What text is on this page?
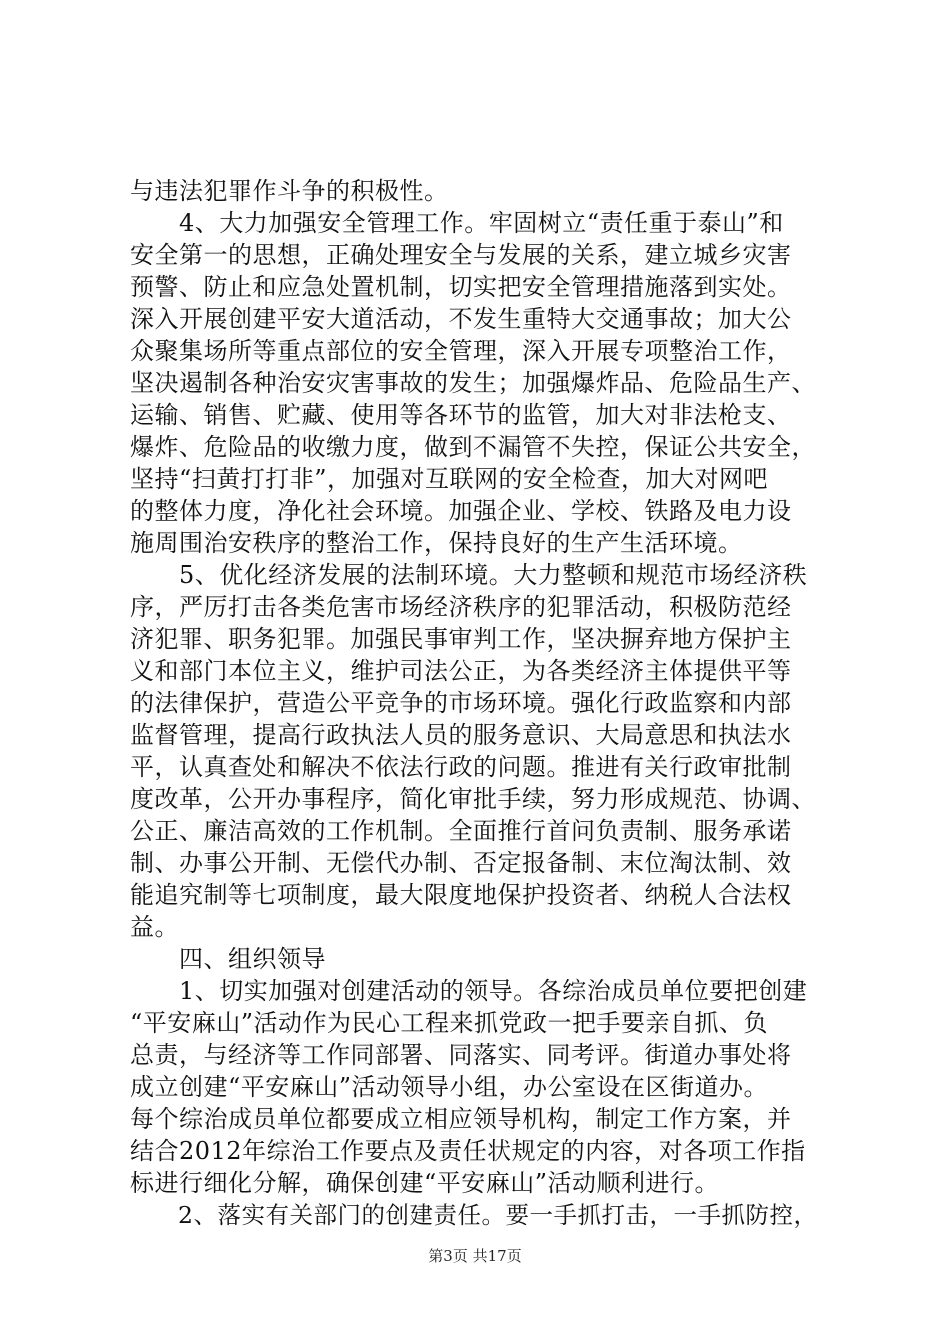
与违法犯罪作斗争的积极性。
　　4、大力加强安全管理工作。牢固树立“责任重于泰山”和
安全第一的思想，正确处理安全与发展的关系，建立城乡灾害
预警、防止和应急处置机制，切实把安全管理措施落到实处。
深入开展创建平安大道活动，不发生重特大交通事故；加大公
众聚集场所等重点部位的安全管理，深入开展专项整治工作，
坚决遏制各种治安灾害事故的发生；加强爆炸品、危险品生产、
运输、销售、贮藏、使用等各环节的监管，加大对非法枪支、
爆炸、危险品的收缴力度，做到不漏管不失控，保证公共安全，
坚持“扫黄打打非”，加强对互联网的安全检查，加大对网吧
的整体力度，净化社会环境。加强企业、学校、铁路及电力设
施周围治安秩序的整治工作，保持良好的生产生活环境。
　　5、优化经济发展的法制环境。大力整顿和规范市场经济秩
序，严厉打击各类危害市场经济秩序的犯罪活动，积极防范经
济犯罪、职务犯罪。加强民事审判工作，坚决摒弃地方保护主
义和部门本位主义，维护司法公正，为各类经济主体提供平等
的法律保护，营造公平竞争的市场环境。强化行政监察和内部
监督管理，提高行政执法人员的服务意识、大局意思和执法水
平，认真查处和解决不依法行政的问题。推进有关行政审批制
度改革，公开办事程序，简化审批手续，努力形成规范、协调、
公正、廉洁高效的工作机制。全面推行首问负责制、服务承诺
制、办事公开制、无偿代办制、否定报备制、末位淘汰制、效
能追究制等七项制度，最大限度地保护投资者、纳税人合法权
益。
　　四、组织领导
　　1、切实加强对创建活动的领导。各综治成员单位要把创建
“平安麻山”活动作为民心工程来抓党政一把手要亲自抓、负
总责，与经济等工作同部署、同落实、同考评。街道办事处将
成立创建“平安麻山”活动领导小组，办公室设在区街道办。
每个综治成员单位都要成立相应领导机构，制定工作方案，并
结合2012年综治工作要点及责任状规定的内容，对各项工作指
标进行细化分解，确保创建“平安麻山”活动顺利进行。
　　2、落实有关部门的创建责任。要一手抓打击，一手抓防控，
第3页 共17页
